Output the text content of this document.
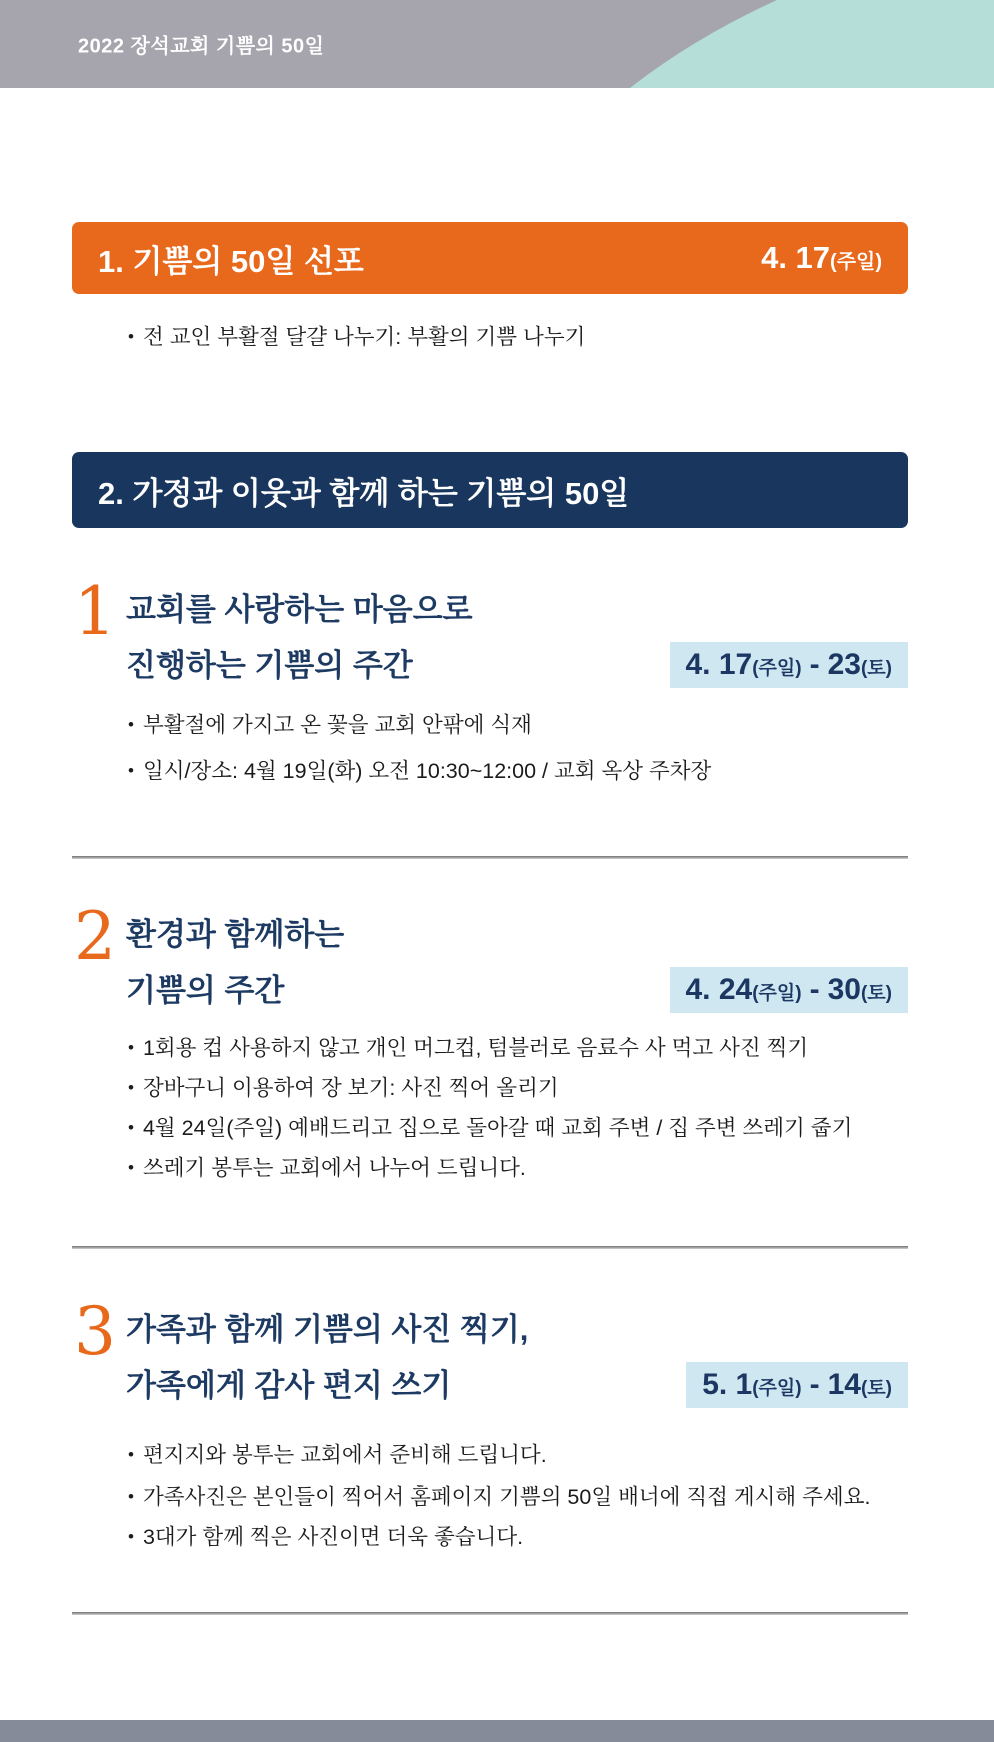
2022 장석교회 기쁨의 50일
1. 기쁨의 50일 선포	4. 17 (주일)
• 전 교인 부활절 달걀 나누기: 부활의 기쁨 나누기
2. 가정과 이웃과 함께 하는 기쁨의 50일
1 교회를 사랑하는 마음으로
진행하는 기쁨의 주간	4. 17 (주일) - 23 (토)
• 부활절에 가지고 온 꽃을 교회 안팎에 식재
• 일시/장소: 4월 19일(화) 오전 10:30~12:00 / 교회 옥상 주차장
2 환경과 함께하는
기쁨의 주간	4. 24 (주일) - 30 (토)
• 1회용 컵 사용하지 않고 개인 머그컵, 텀블러로 음료수 사 먹고 사진 찍기
• 장바구니 이용하여 장 보기: 사진 찍어 올리기
• 4월 24일(주일) 예배드리고 집으로 돌아갈 때 교회 주변 / 집 주변 쓰레기 줍기
• 쓰레기 봉투는 교회에서 나누어 드립니다.
3 가족과 함께 기쁨의 사진 찍기,
가족에게 감사 편지 쓰기	5. 1 (주일) - 14 (토)
• 편지지와 봉투는 교회에서 준비해 드립니다.
• 가족사진은 본인들이 찍어서 홈페이지 기쁨의 50일 배너에 직접 게시해 주세요.
• 3대가 함께 찍은 사진이면 더욱 좋습니다.
